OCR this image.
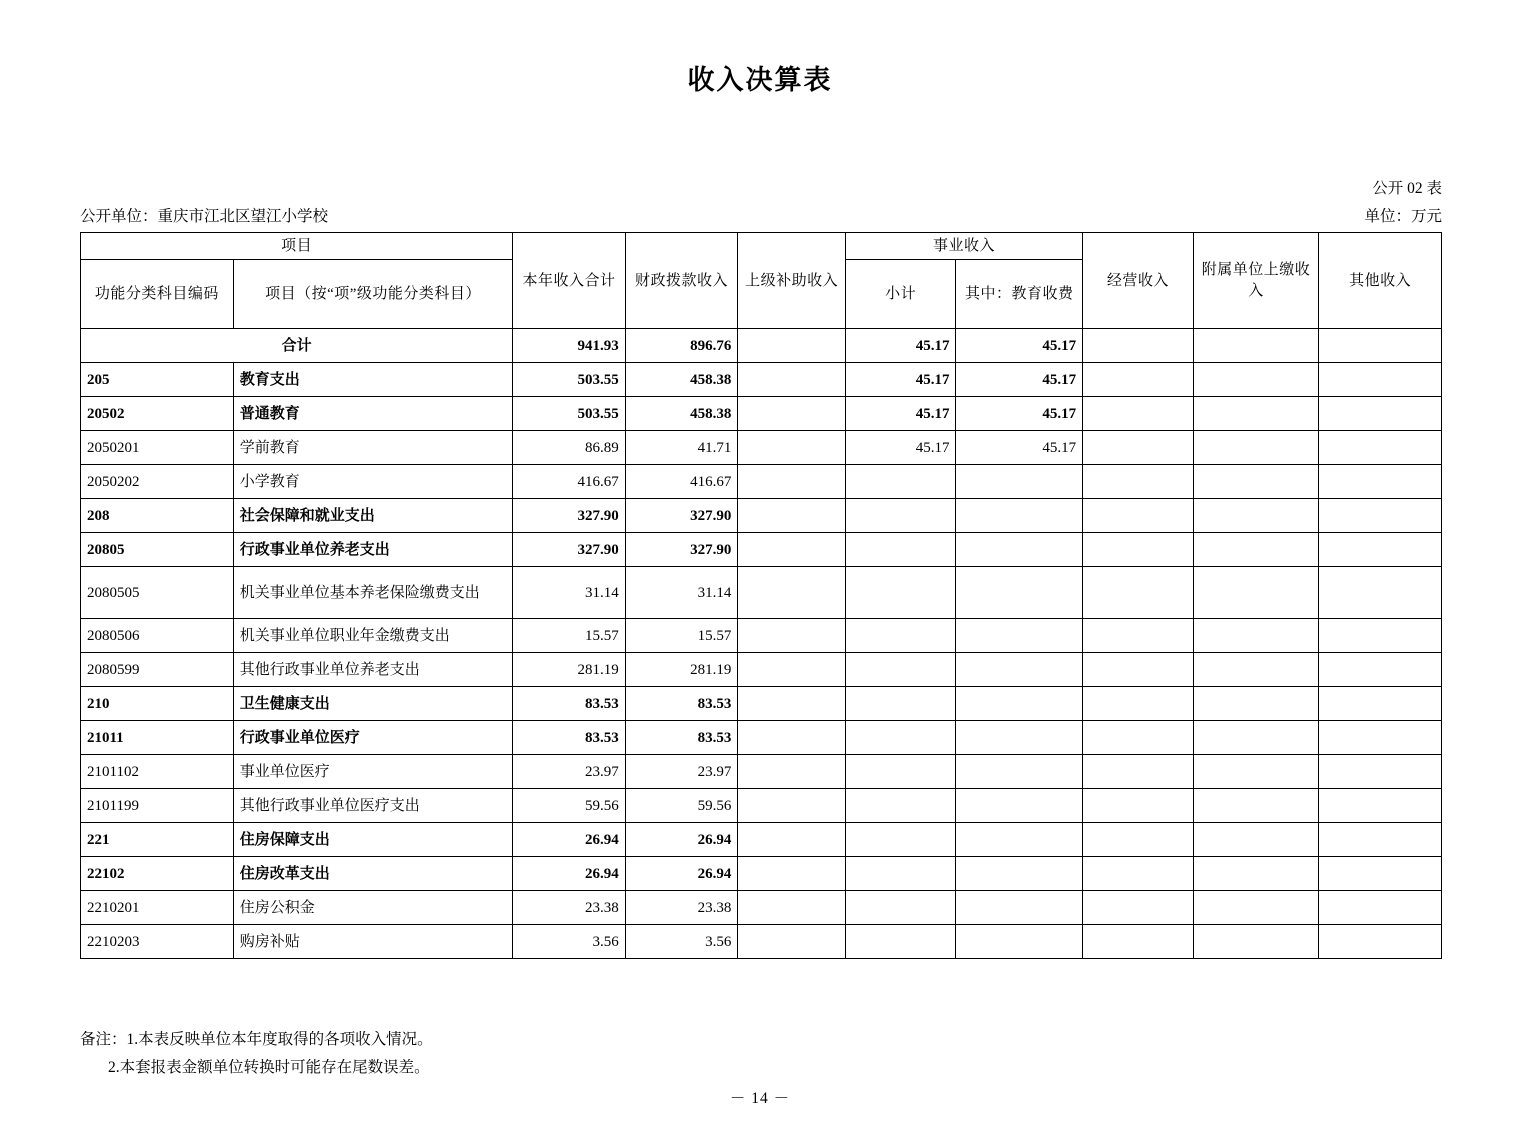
收入决算表
公开 02 表
单位：万元
公开单位：重庆市江北区望江小学校
项目		本年收入合计	财政拨款收入	上级补助收入	事业收入		经营收入	附属单位上缴收入	其他收入
功能分类科目编码	项目（按“项”级功能分类科目）				小计	其中：教育收费			
合计		941.93	896.76		45.17	45.17			
205	教育支出	503.55	458.38		45.17	45.17			
20502	普通教育	503.55	458.38		45.17	45.17			
2050201	学前教育	86.89	41.71		45.17	45.17			
2050202	小学教育	416.67	416.67						
208	社会保障和就业支出	327.90	327.90						
20805	行政事业单位养老支出	327.90	327.90						
2080505	机关事业单位基本养老保险缴费支出	31.14	31.14						
2080506	机关事业单位职业年金缴费支出	15.57	15.57						
2080599	其他行政事业单位养老支出	281.19	281.19						
210	卫生健康支出	83.53	83.53						
21011	行政事业单位医疗	83.53	83.53						
2101102	事业单位医疗	23.97	23.97						
2101199	其他行政事业单位医疗支出	59.56	59.56						
221	住房保障支出	26.94	26.94						
22102	住房改革支出	26.94	26.94						
2210201	住房公积金	23.38	23.38						
2210203	购房补贴	3.56	3.56						
备注：1.本表反映单位本年度取得的各项收入情况。
2.本套报表金额单位转换时可能存在尾数误差。
－ 14 －
